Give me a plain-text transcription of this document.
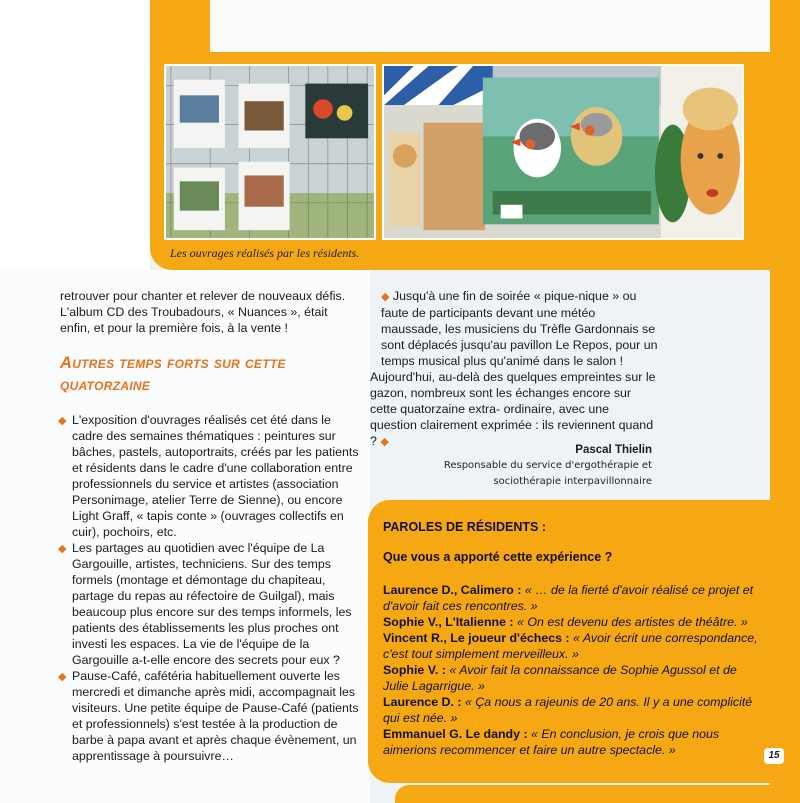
Les ouvrages réalisés par les résidents.

retrouver pour chanter et relever de nouveaux défis. L'album CD des Troubadours, « Nuances », était enfin, et pour la première fois, à la vente !

Autres temps forts sur cette
quatorzaine
◆ L'exposition d'ouvrages réalisés cet été dans le cadre des semaines thématiques : peintures sur bâches, pastels, autoportraits, créés par les patients et résidents dans le cadre d'une collaboration entre professionnels du service et artistes (association Personimage, atelier Terre de Sienne), ou encore Light Graff, « tapis conte » (ouvrages collectifs en cuir), pochoirs, etc.
◆ Les partages au quotidien avec l'équipe de La Gargouille, artistes, techniciens. Sur des temps formels (montage et démontage du chapiteau, partage du repas au réfectoire de Guilgal), mais beaucoup plus encore sur des temps informels, les patients des établissements les plus proches ont investi les espaces. La vie de l'équipe de la Gargouille a-t-elle encore des secrets pour eux ?
◆ Pause-Café, cafétéria habituellement ouverte les mercredi et dimanche après midi, accompagnait les visiteurs. Une petite équipe de Pause-Café (patients et professionnels) s'est testée à la production de barbe à papa avant et après chaque évènement, un apprentissage à poursuivre…

◆ Jusqu'à une fin de soirée « pique-nique » ou faute de participants devant une météo maussade, les musiciens du Trèfle Gardonnais se sont déplacés jusqu'au pavillon Le Repos, pour un temps musical plus qu'animé dans le salon !

Aujourd'hui, au-delà des quelques empreintes sur le gazon, nombreux sont les échanges encore sur cette quatorzaine extra- ordinaire, avec une question clairement exprimée : ils reviennent quand ? ◆

Pascal Thielin
Responsable du service d'ergothérapie et
sociothérapie interpavillonnaire
PAROLES DE RÉSIDENTS :
Que vous a apporté cette expérience ?

Laurence D., Calimero : « … de la fierté d'avoir réalisé ce projet et d'avoir fait ces rencontres. »

Sophie V., L'Italienne : « On est devenu des artistes de théâtre. »

Vincent R., Le joueur d'échecs : « Avoir écrit une correspondance, c'est tout simplement merveilleux. »

Sophie V. : « Avoir fait la connaissance de Sophie Agussol et de Julie Lagarrigue. »

Laurence D. : « Ça nous a rajeunis de 20 ans. Il y a une complicité qui est née. »

Emmanuel G. Le dandy : « En conclusion, je crois que nous aimerions recommencer et faire un autre spectacle. »	15
